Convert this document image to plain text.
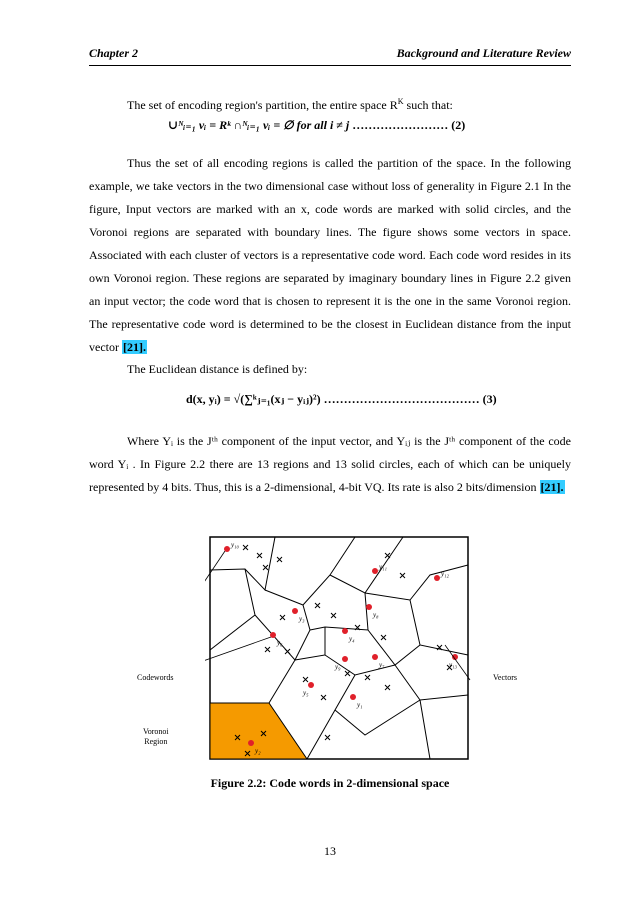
Chapter 2	Background and Literature Review
The set of encoding region's partition, the entire space $R^K$ such that:
∪ᴺᵢ₌₁ vᵢ = Rᵏ ∩ᴺᵢ₌₁ vᵢ = ∅ for all i ≠ j …………………… (2)
Thus the set of all encoding regions is called the partition of the space. In the following example, we take vectors in the two dimensional case without loss of generality in Figure 2.1 In the figure, Input vectors are marked with an x, code words are marked with solid circles, and the Voronoi regions are separated with boundary lines. The figure shows some vectors in space. Associated with each cluster of vectors is a representative code word. Each code word resides in its own Voronoi region. These regions are separated by imaginary boundary lines in Figure 2.2 given an input vector; the code word that is chosen to represent it is the one in the same Voronoi region. The representative code word is determined to be the closest in Euclidean distance from the input vector [21].
The Euclidean distance is defined by:
d(x, yᵢ) = √(∑ᵏⱼ₌₁(xⱼ − yᵢⱼ)²) ………………………………… (3)
Where Yᵢ is the Jᵗʰ component of the input vector, and Yᵢⱼ is the Jᵗʰ component of the code word Yᵢ . In Figure 2.2 there are 13 regions and 13 solid circles, each of which can be uniquely represented by 4 bits. Thus, this is a 2-dimensional, 4-bit VQ. Its rate is also 2 bits/dimension [21].
y₁₀
y₁₁
y₁₂
y₃	y₈
y₄
y₆
y₇
y₉	y₁₃
y₅
y₁
y₂
Codewords	Vectors
Voronoi
Region
Figure 2.2: Code words in 2-dimensional space
13
